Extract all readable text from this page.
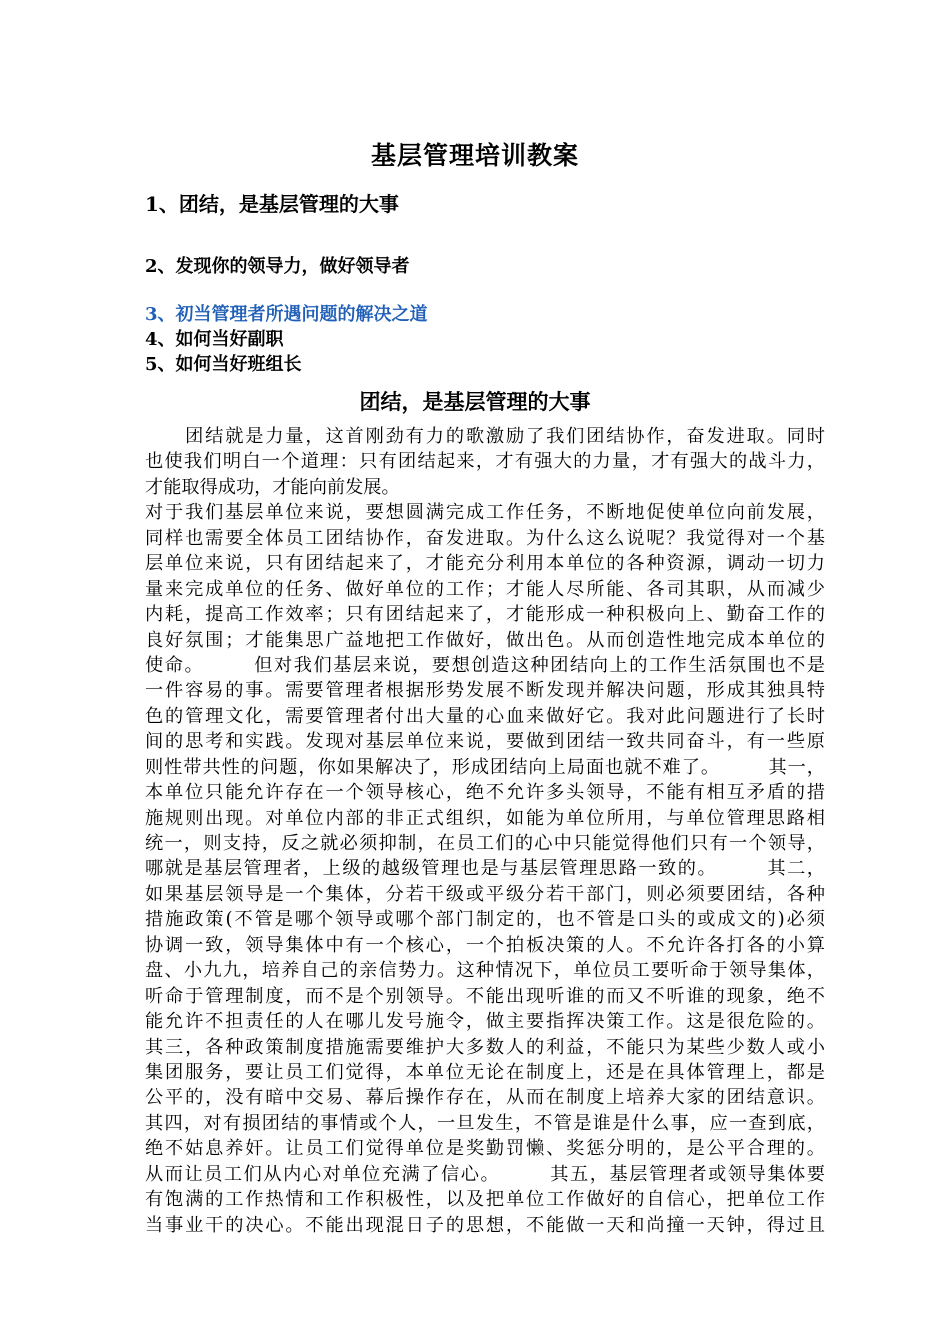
基层管理培训教案
1、团结，是基层管理的大事
2、发现你的领导力，做好领导者
3、初当管理者所遇问题的解决之道
4、如何当好副职
5、如何当好班组长
团结，是基层管理的大事
　　团结就是力量，这首刚劲有力的歌激励了我们团结协作，奋发进取。同时
也使我们明白一个道理：只有团结起来，才有强大的力量，才有强大的战斗力，
才能取得成功，才能向前发展。
对于我们基层单位来说，要想圆满完成工作任务，不断地促使单位向前发展，
同样也需要全体员工团结协作，奋发进取。为什么这么说呢？我觉得对一个基
层单位来说，只有团结起来了，才能充分利用本单位的各种资源，调动一切力
量来完成单位的任务、做好单位的工作；才能人尽所能、各司其职，从而减少
内耗，提高工作效率；只有团结起来了，才能形成一种积极向上、勤奋工作的
良好氛围；才能集思广益地把工作做好，做出色。从而创造性地完成本单位的
使命。　　　但对我们基层来说，要想创造这种团结向上的工作生活氛围也不是
一件容易的事。需要管理者根据形势发展不断发现并解决问题，形成其独具特
色的管理文化，需要管理者付出大量的心血来做好它。我对此问题进行了长时
间的思考和实践。发现对基层单位来说，要做到团结一致共同奋斗，有一些原
则性带共性的问题，你如果解决了，形成团结向上局面也就不难了。　　　其一，
本单位只能允许存在一个领导核心，绝不允许多头领导，不能有相互矛盾的措
施规则出现。对单位内部的非正式组织，如能为单位所用，与单位管理思路相
统一，则支持，反之就必须抑制，在员工们的心中只能觉得他们只有一个领导，
哪就是基层管理者，上级的越级管理也是与基层管理思路一致的。　　　其二，
如果基层领导是一个集体，分若干级或平级分若干部门，则必须要团结，各种
措施政策(不管是哪个领导或哪个部门制定的，也不管是口头的或成文的)必须
协调一致，领导集体中有一个核心，一个拍板决策的人。不允许各打各的小算
盘、小九九，培养自己的亲信势力。这种情况下，单位员工要听命于领导集体，
听命于管理制度，而不是个别领导。不能出现听谁的而又不听谁的现象，绝不
能允许不担责任的人在哪儿发号施令，做主要指挥决策工作。这是很危险的。
其三，各种政策制度措施需要维护大多数人的利益，不能只为某些少数人或小
集团服务，要让员工们觉得，本单位无论在制度上，还是在具体管理上，都是
公平的，没有暗中交易、幕后操作存在，从而在制度上培养大家的团结意识。
其四，对有损团结的事情或个人，一旦发生，不管是谁是什么事，应一查到底，
绝不姑息养奸。让员工们觉得单位是奖勤罚懒、奖惩分明的，是公平合理的。
从而让员工们从内心对单位充满了信心。　　　其五，基层管理者或领导集体要
有饱满的工作热情和工作积极性，以及把单位工作做好的自信心，把单位工作
当事业干的决心。不能出现混日子的思想，不能做一天和尚撞一天钟，得过且
